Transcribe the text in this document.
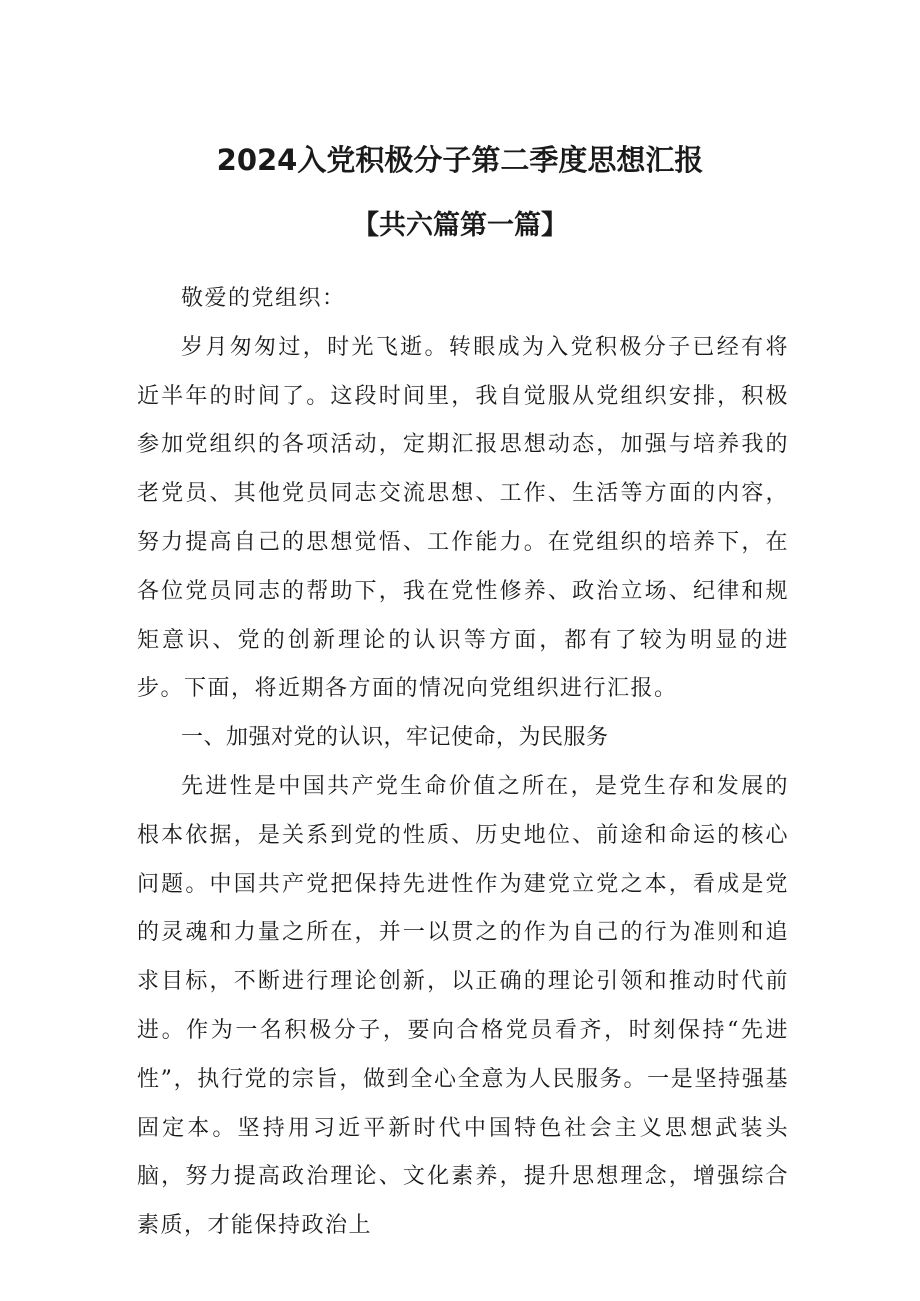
2024入党积极分子第二季度思想汇报
【共六篇第一篇】

敬爱的党组织：

岁月匆匆过，时光飞逝。转眼成为入党积极分子已经有将近半年的时间了。这段时间里，我自觉服从党组织安排，积极参加党组织的各项活动，定期汇报思想动态，加强与培养我的老党员、其他党员同志交流思想、工作、生活等方面的内容，努力提高自己的思想觉悟、工作能力。在党组织的培养下，在各位党员同志的帮助下，我在党性修养、政治立场、纪律和规矩意识、党的创新理论的认识等方面，都有了较为明显的进步。下面，将近期各方面的情况向党组织进行汇报。

一、加强对党的认识，牢记使命，为民服务

先进性是中国共产党生命价值之所在，是党生存和发展的根本依据，是关系到党的性质、历史地位、前途和命运的核心问题。中国共产党把保持先进性作为建党立党之本，看成是党的灵魂和力量之所在，并一以贯之的作为自己的行为准则和追求目标，不断进行理论创新，以正确的理论引领和推动时代前进。作为一名积极分子，要向合格党员看齐，时刻保持“先进性”，执行党的宗旨，做到全心全意为人民服务。一是坚持强基固定本。坚持用习近平新时代中国特色社会主义思想武装头脑，努力提高政治理论、文化素养，提升思想理念，增强综合素质，才能保持政治上
